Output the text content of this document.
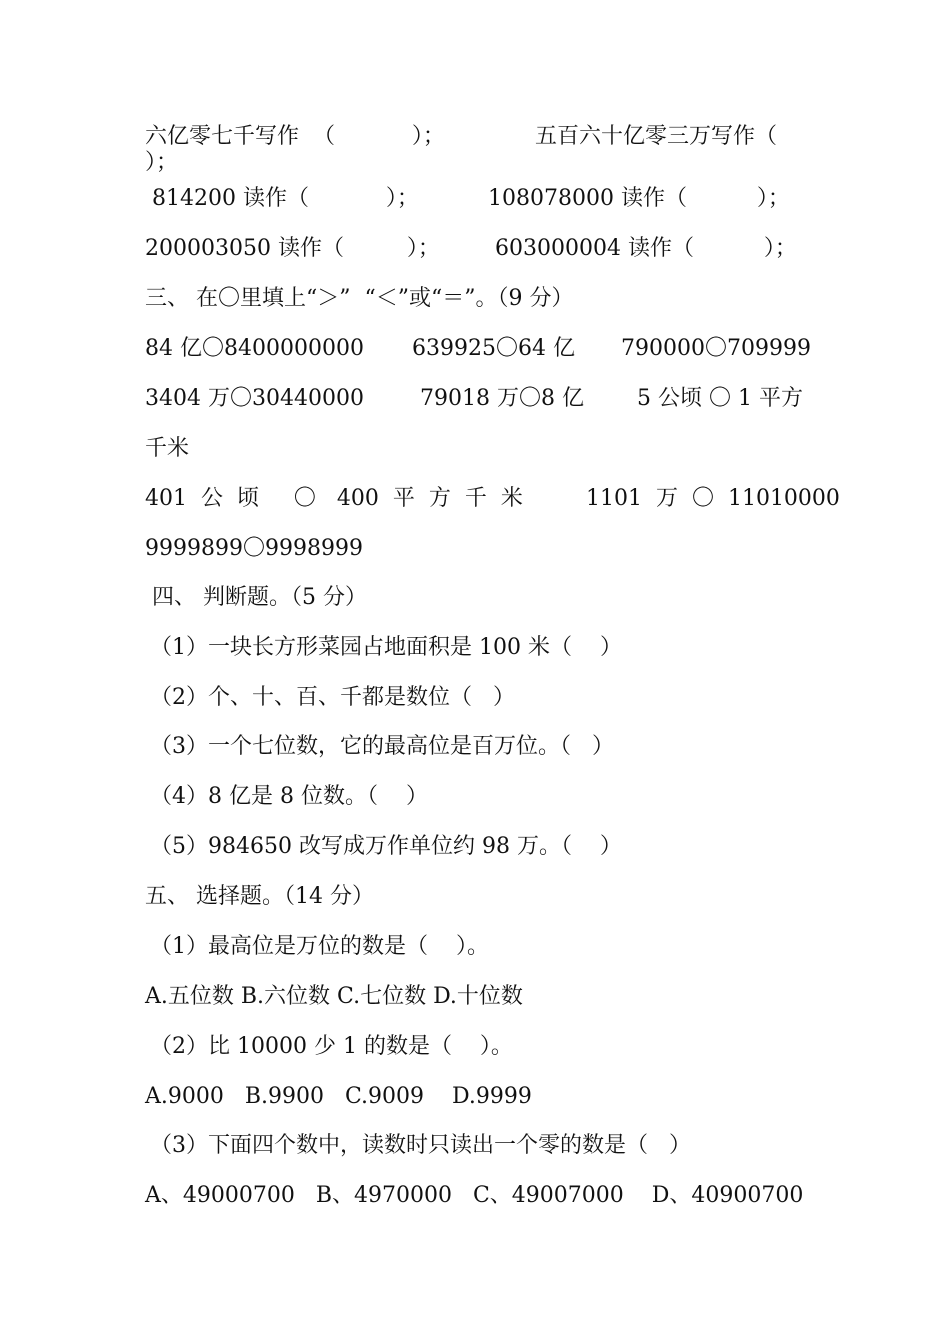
六亿零七千写作  （           ）；

	五百六十亿零三万写作（

）；

814200 读作（           ）；

	108078000 读作（          ）；

200003050 读作（         ）；

	603000004 读作（          ）；

三、 在〇里填上“＞”  “＜”或“＝”。（9 分）

84 亿〇8400000000

639925〇64 亿

790000〇709999

3404 万〇30440000

	79018 万〇8 亿

5 公顷 〇 1 平方

千米

401  公  顷     〇   400  平  方  千  米

	1101  万  〇  11010000

9999899〇9998999
四、 判断题。（5 分）
（1）一块长方形菜园占地面积是 100 米（    ）
（2）个、十、百、千都是数位（   ）
（3）一个七位数，它的最高位是百万位。（   ）
（4）8 亿是 8 位数。（    ）
（5）984650 改写成万作单位约 98 万。（    ）
五、 选择题。（14 分）
（1）最高位是万位的数是（    ）。
A.五位数 B.六位数 C.七位数 D.十位数
（2）比 10000 少 1 的数是（    ）。
A.9000   B.9900   C.9009    D.9999
（3）下面四个数中，读数时只读出一个零的数是（   ）
A、49000700   B、4970000   C、49007000    D、40900700
